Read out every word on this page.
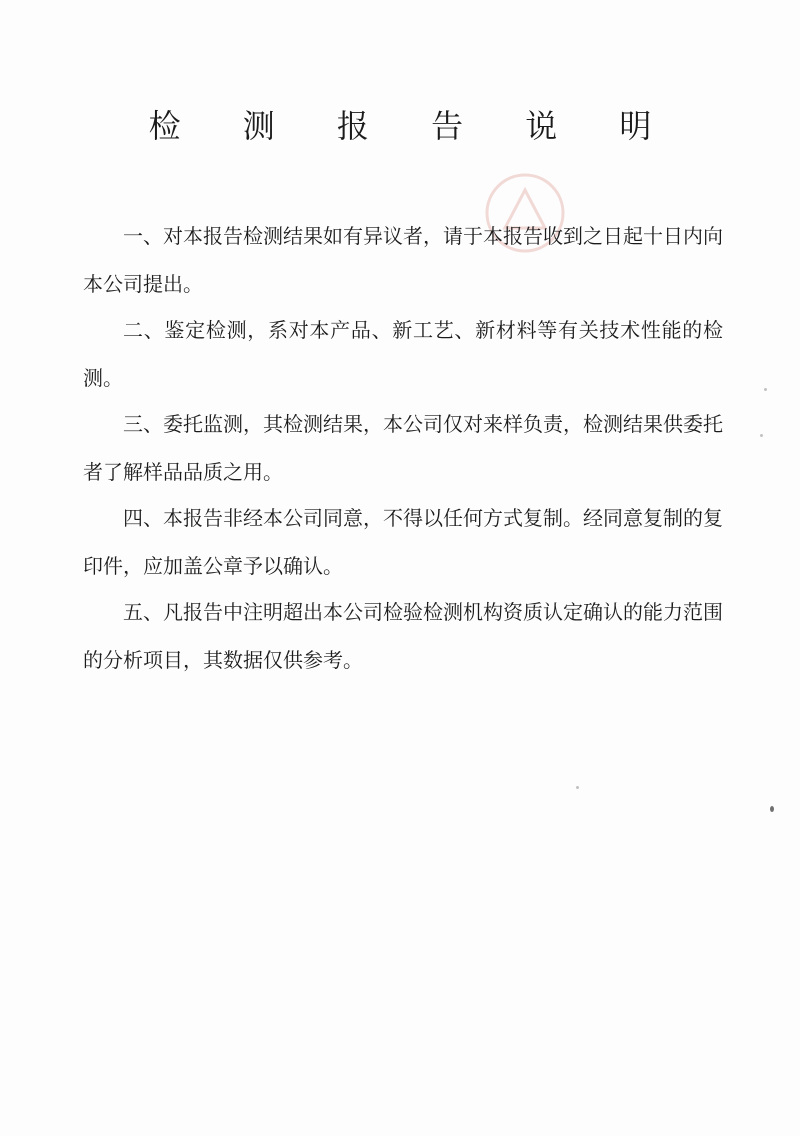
检 测 报 告 说 明

一、对本报告检测结果如有异议者，请于本报告收到之日起十日内向本公司提出。

二、鉴定检测，系对本产品、新工艺、新材料等有关技术性能的检测。

三、委托监测，其检测结果，本公司仅对来样负责，检测结果供委托者了解样品品质之用。

四、本报告非经本公司同意，不得以任何方式复制。经同意复制的复印件，应加盖公章予以确认。

五、凡报告中注明超出本公司检验检测机构资质认定确认的能力范围的分析项目，其数据仅供参考。
